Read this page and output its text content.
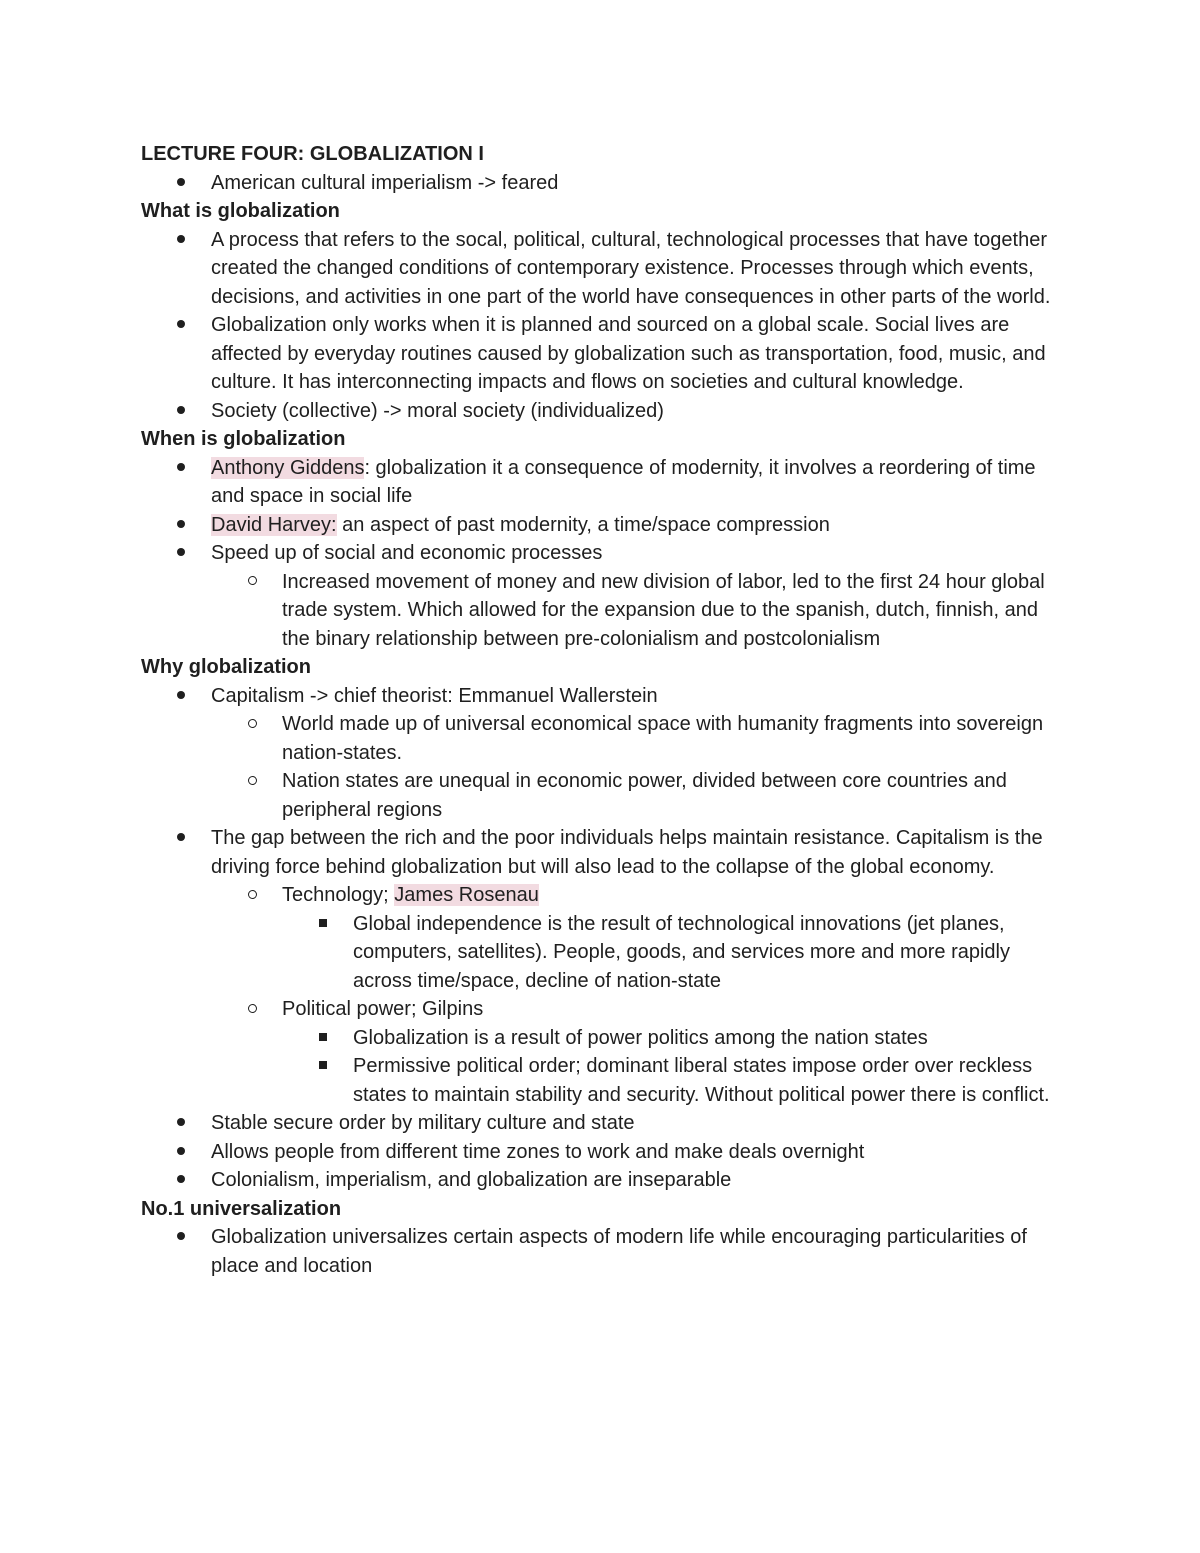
LECTURE FOUR: GLOBALIZATION I
American cultural imperialism -> feared
What is globalization
A process that refers to the socal, political, cultural, technological processes that have together created the changed conditions of contemporary existence. Processes through which events, decisions, and activities in one part of the world have consequences in other parts of the world.
Globalization only works when it is planned and sourced on a global scale. Social lives are affected by everyday routines caused by globalization such as transportation, food, music, and culture. It has interconnecting impacts and flows on societies and cultural knowledge.
Society (collective) -> moral society (individualized)
When is globalization
Anthony Giddens: globalization it a consequence of modernity, it involves a reordering of time and space in social life
David Harvey: an aspect of past modernity, a time/space compression
Speed up of social and economic processes
Increased movement of money and new division of labor, led to the first 24 hour global trade system. Which allowed for the expansion due to the spanish, dutch, finnish, and the binary relationship between pre-colonialism and postcolonialism
Why globalization
Capitalism -> chief theorist: Emmanuel Wallerstein
World made up of universal economical space with humanity fragments into sovereign nation-states.
Nation states are unequal in economic power, divided between core countries and peripheral regions
The gap between the rich and the poor individuals helps maintain resistance. Capitalism is the driving force behind globalization but will also lead to the collapse of the global economy.
Technology; James Rosenau
Global independence is the result of technological innovations (jet planes, computers, satellites). People, goods, and services more and more rapidly across time/space, decline of nation-state
Political power; Gilpins
Globalization is a result of power politics among the nation states
Permissive political order; dominant liberal states impose order over reckless states to maintain stability and security. Without political power there is conflict.
Stable secure order by military culture and state
Allows people from different time zones to work and make deals overnight
Colonialism, imperialism, and globalization are inseparable
No.1 universalization
Globalization universalizes certain aspects of modern life while encouraging particularities of place and location
